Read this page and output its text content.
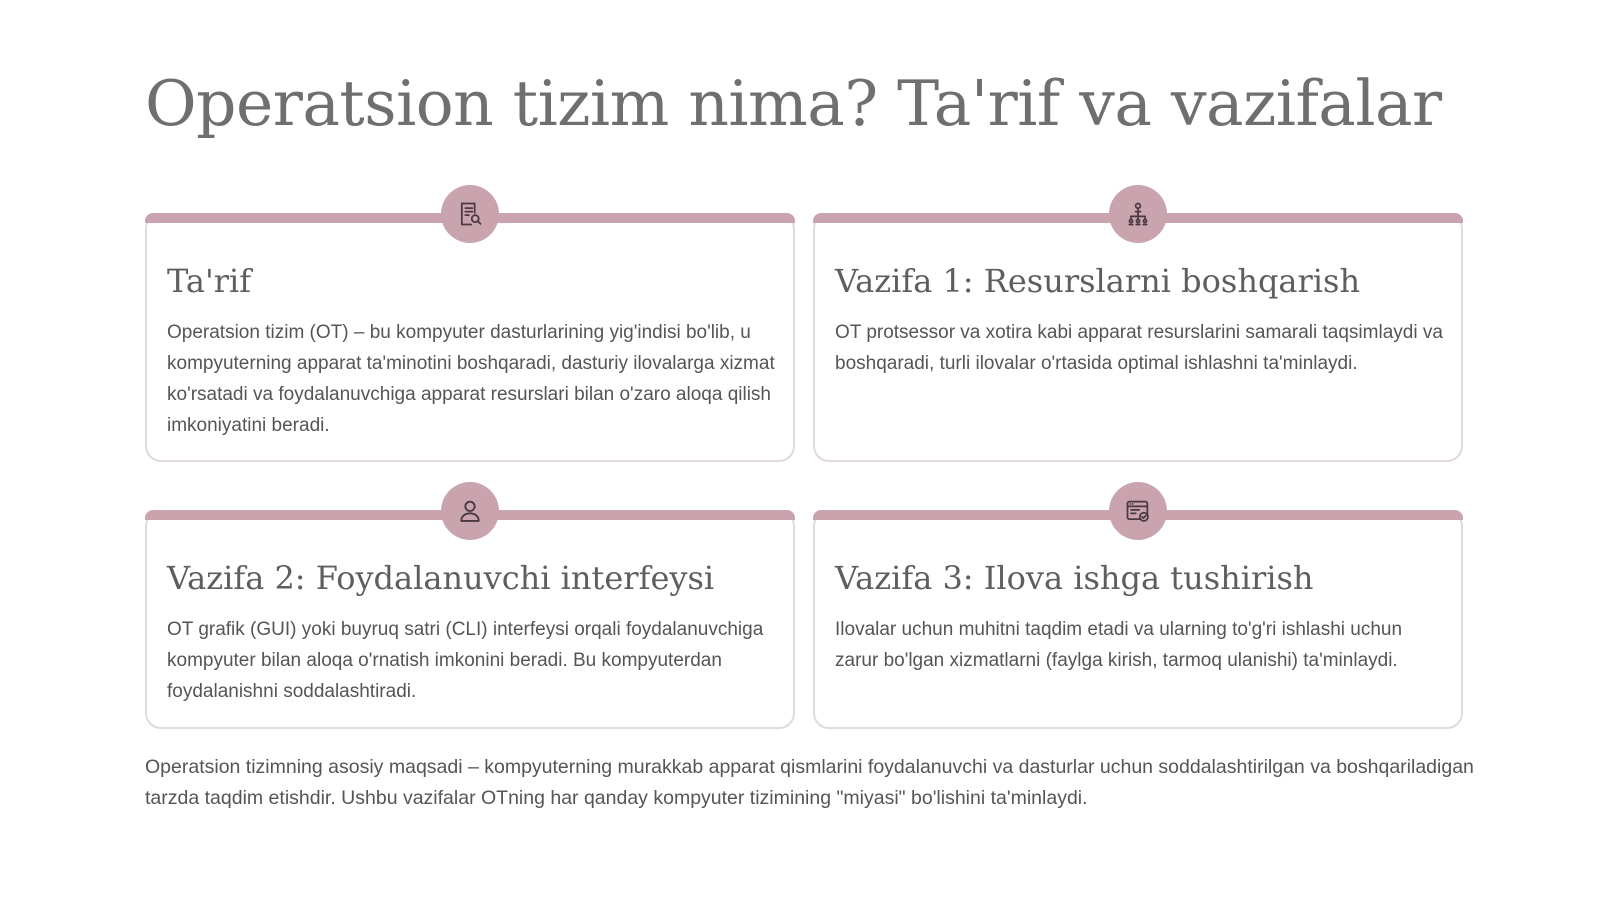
Operatsion tizim nima? Ta'rif va vazifalar
Ta'rif

Operatsion tizim (OT) – bu kompyuter dasturlarining yig'indisi bo'lib, u kompyuterning apparat ta'minotini boshqaradi, dasturiy ilovalarga xizmat ko'rsatadi va foydalanuvchiga apparat resurslari bilan o'zaro aloqa qilish imkoniyatini beradi.

Vazifa 1: Resurslarni boshqarish

OT protsessor va xotira kabi apparat resurslarini samarali taqsimlaydi va boshqaradi, turli ilovalar o'rtasida optimal ishlashni ta'minlaydi.

Vazifa 2: Foydalanuvchi interfeysi

OT grafik (GUI) yoki buyruq satri (CLI) interfeysi orqali foydalanuvchiga kompyuter bilan aloqa o'rnatish imkonini beradi. Bu kompyuterdan foydalanishni soddalashtiradi.

Vazifa 3: Ilova ishga tushirish

Ilovalar uchun muhitni taqdim etadi va ularning to'g'ri ishlashi uchun zarur bo'lgan xizmatlarni (faylga kirish, tarmoq ulanishi) ta'minlaydi.

Operatsion tizimning asosiy maqsadi – kompyuterning murakkab apparat qismlarini foydalanuvchi va dasturlar uchun soddalashtirilgan va boshqariladigan tarzda taqdim etishdir. Ushbu vazifalar OTning har qanday kompyuter tizimining "miyasi" bo'lishini ta'minlaydi.
